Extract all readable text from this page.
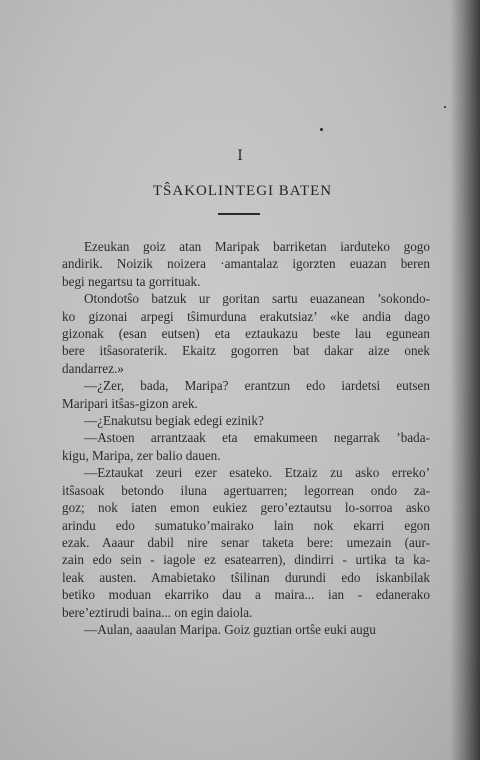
I
TŜAKOLINTEGI BATEN

Ezeukan goiz atan Maripak barriketan iarduteko gogo
andirik. Noizik noizera ·amantalaz igorzten euazan beren
begi negartsu ta gorrituak.

Otondotŝo batzuk ur goritan sartu euazanean ’sokondo-
ko gizonai arpegi tŝimurduna erakutsiaz’ «ke andia dago
gizonak (esan eutsen) eta eztaukazu beste lau egunean
bere itŝasoraterik. Ekaitz gogorren bat dakar aize onek
dandarrez.»

—¿Zer, bada, Maripa? erantzun edo iardetsi eutsen
Maripari itŝas-gizon arek.

—¿Enakutsu begiak edegi ezinik?

—Astoen arrantzaak eta emakumeen negarrak ’bada-
kigu, Maripa, zer balio dauen.

—Eztaukat zeuri ezer esateko. Etzaiz zu asko erreko’
itŝasoak betondo iluna agertuarren; legorrean ondo za-
goz; nok iaten emon eukiez gero’eztautsu lo-sorroa asko
arindu edo sumatuko’mairako lain nok ekarri egon
ezak. Aaaur dabil nire senar taketa bere: umezain (aur-
zain edo sein - iagole ez esatearren), dindirri - urtika ta ka-
leak austen. Amabietako tŝilinan durundi edo iskanbilak
betiko moduan ekarriko dau a maira... ian - edanerako
bere’eztirudi baina... on egin daiola.

—Aulan, aaaulan Maripa. Goiz guztian ortŝe euki augu
